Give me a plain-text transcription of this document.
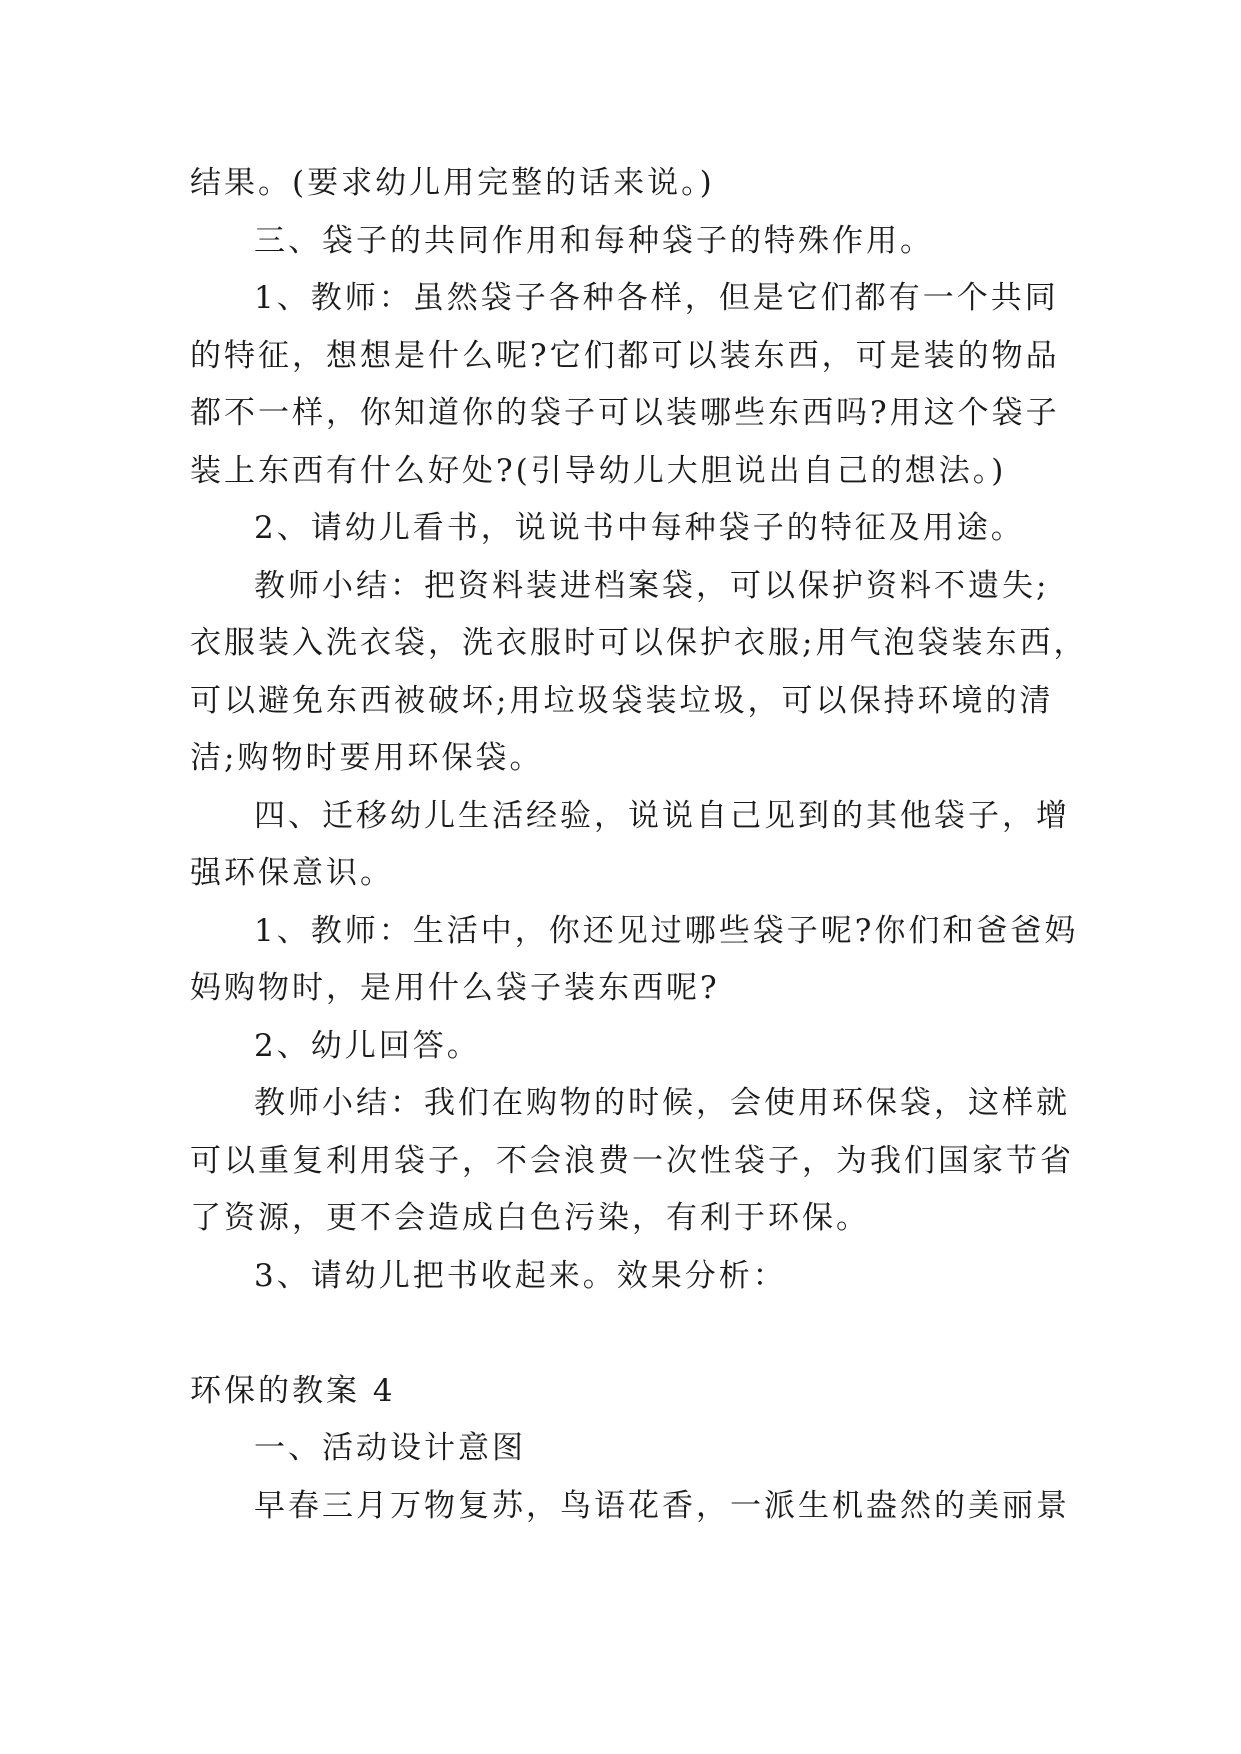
结果。(要求幼儿用完整的话来说。)
三、袋子的共同作用和每种袋子的特殊作用。
1、教师：虽然袋子各种各样，但是它们都有一个共同
的特征，想想是什么呢?它们都可以装东西，可是装的物品
都不一样，你知道你的袋子可以装哪些东西吗?用这个袋子
装上东西有什么好处?(引导幼儿大胆说出自己的想法。)
2、请幼儿看书，说说书中每种袋子的特征及用途。
教师小结：把资料装进档案袋，可以保护资料不遗失;
衣服装入洗衣袋，洗衣服时可以保护衣服;用气泡袋装东西，
可以避免东西被破坏;用垃圾袋装垃圾，可以保持环境的清
洁;购物时要用环保袋。
四、迁移幼儿生活经验，说说自己见到的其他袋子，增
强环保意识。
1、教师：生活中，你还见过哪些袋子呢?你们和爸爸妈
妈购物时，是用什么袋子装东西呢?
2、幼儿回答。
教师小结：我们在购物的时候，会使用环保袋，这样就
可以重复利用袋子，不会浪费一次性袋子，为我们国家节省
了资源，更不会造成白色污染，有利于环保。
3、请幼儿把书收起来。效果分析：
环保的教案 4
一、活动设计意图
早春三月万物复苏，鸟语花香，一派生机盎然的美丽景
